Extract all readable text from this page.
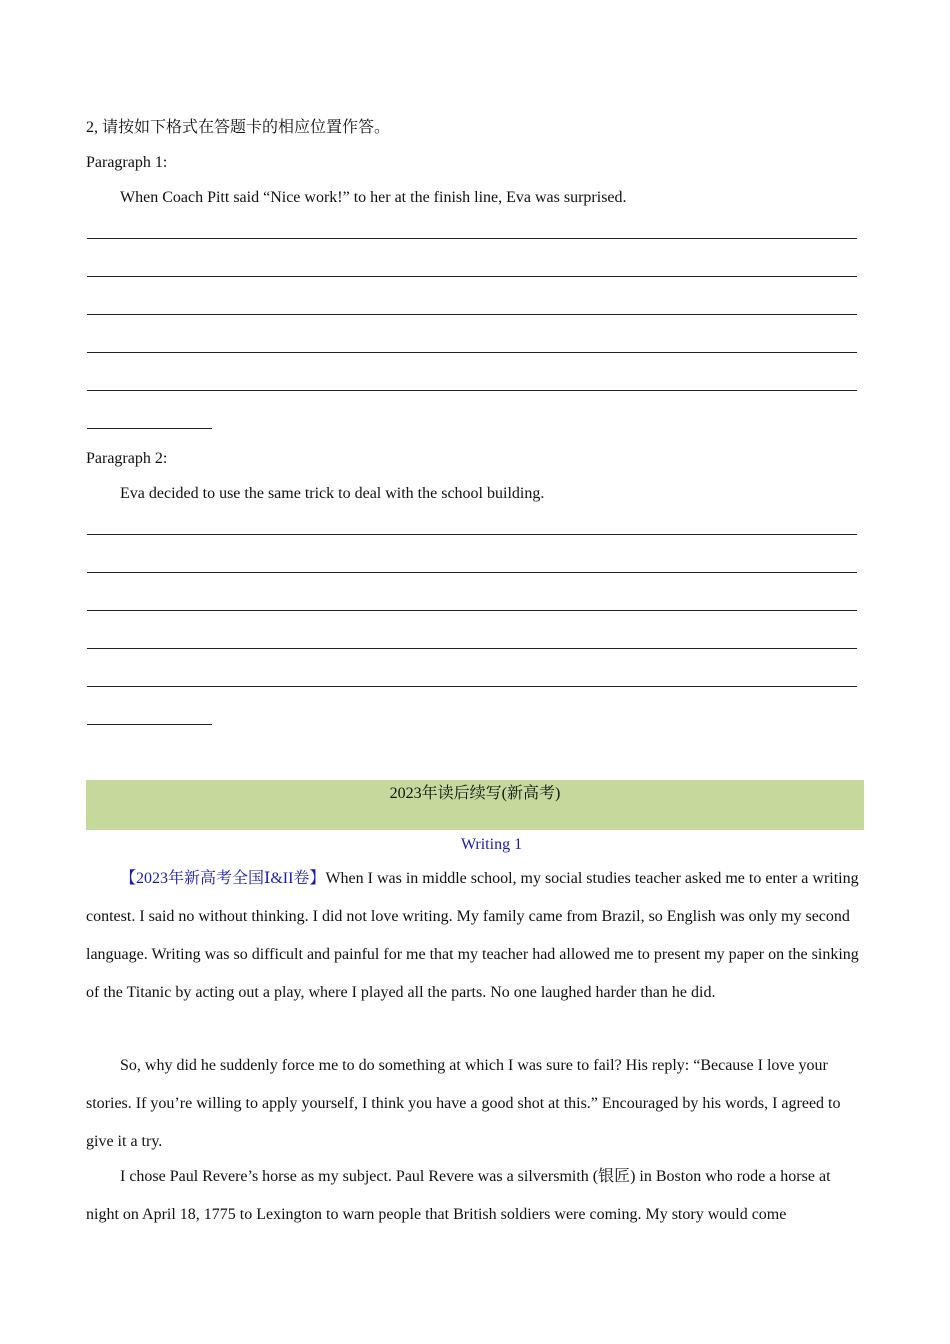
2, 请按如下格式在答题卡的相应位置作答。
Paragraph 1:
When Coach Pitt said “Nice work!” to her at the finish line, Eva was surprised.
Paragraph 2:
Eva decided to use the same trick to deal with the school building.
2023年读后续写(新高考)
Writing 1
【2023年新高考全国Ⅰ&II卷】When I was in middle school, my social studies teacher asked me to enter a writing contest. I said no without thinking. I did not love writing. My family came from Brazil, so English was only my second language. Writing was so difficult and painful for me that my teacher had allowed me to present my paper on the sinking of the Titanic by acting out a play, where I played all the parts. No one laughed harder than he did.
So, why did he suddenly force me to do something at which I was sure to fail? His reply: “Because I love your stories. If you’re willing to apply yourself, I think you have a good shot at this.” Encouraged by his words, I agreed to give it a try.
I chose Paul Revere’s horse as my subject. Paul Revere was a silversmith (银匠) in Boston who rode a horse at night on April 18, 1775 to Lexington to warn people that British soldiers were coming. My story would come
